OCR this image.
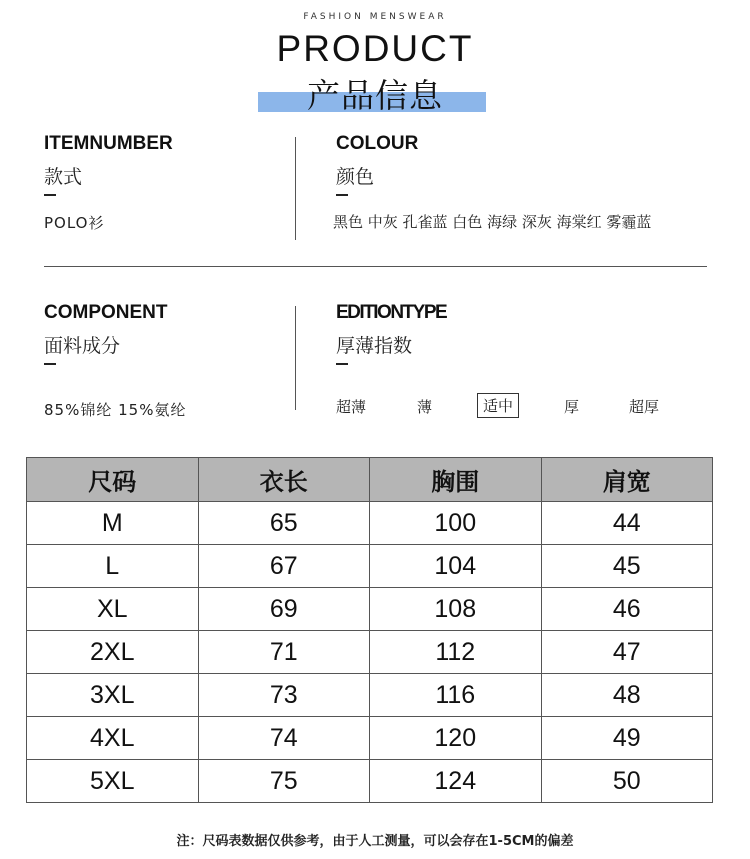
FASHION MENSWEAR
PRODUCT
产品信息
ITEMNUMBER
款式
POLO衫
COLOUR
颜色
黑色 中灰 孔雀蓝 白色 海绿 深灰 海棠红 雾霾蓝
COMPONENT
面料成分
85%锦纶 15%氨纶
EDITIONTYPE
厚薄指数
超薄	薄	适中	厚	超厚
尺码	衣长	胸围	肩宽
M	65	100	44
L	67	104	45
XL	69	108	46
2XL	71	112	47
3XL	73	116	48
4XL	74	120	49
5XL	75	124	50
注：尺码表数据仅供参考，由于人工测量，可以会存在1-5CM的偏差
